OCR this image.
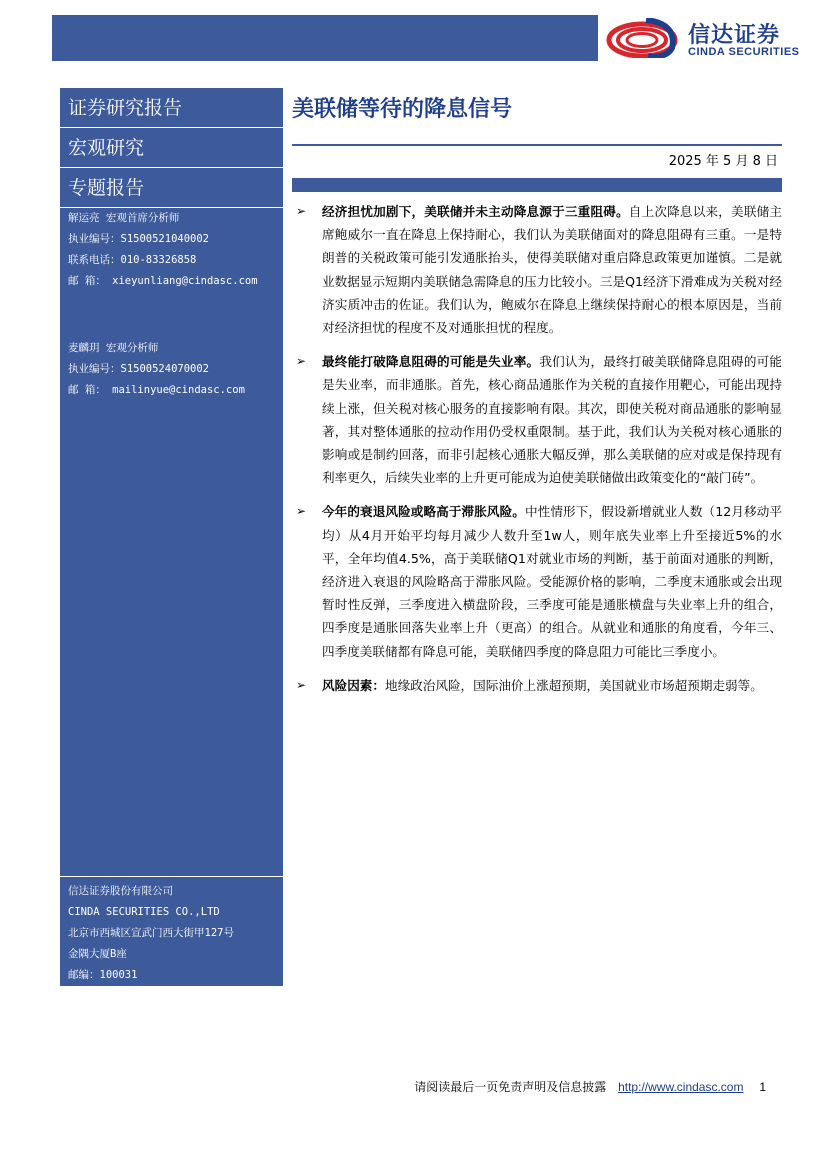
信达证券
CINDA SECURITIES
证券研究报告
宏观研究
专题报告

解运亮 宏观首席分析师

执业编号：S1500521040002

联系电话：010-83326858

邮 箱： xieyunliang@cindasc.com

麦麟玥 宏观分析师

执业编号：S1500524070002

邮 箱： mailinyue@cindasc.com

信达证券股份有限公司

CINDA SECURITIES CO.,LTD

北京市西城区宣武门西大街甲127号

金隅大厦B座

邮编：100031

美联储等待的降息信号
2025 年 5 月 8 日
➢ 经济担忧加剧下，美联储并未主动降息源于三重阻碍。自上次降息以来，美联储主席鲍威尔一直在降息上保持耐心，我们认为美联储面对的降息阻碍有三重。一是特朗普的关税政策可能引发通胀抬头，使得美联储对重启降息政策更加谨慎。二是就业数据显示短期内美联储急需降息的压力比较小。三是Q1经济下滑难成为关税对经济实质冲击的佐证。我们认为，鲍威尔在降息上继续保持耐心的根本原因是，当前对经济担忧的程度不及对通胀担忧的程度。
➢ 最终能打破降息阻碍的可能是失业率。我们认为，最终打破美联储降息阻碍的可能是失业率，而非通胀。首先，核心商品通胀作为关税的直接作用靶心，可能出现持续上涨，但关税对核心服务的直接影响有限。其次，即使关税对商品通胀的影响显著，其对整体通胀的拉动作用仍受权重限制。基于此，我们认为关税对核心通胀的影响或是制约回落，而非引起核心通胀大幅反弹，那么美联储的应对或是保持现有利率更久，后续失业率的上升更可能成为迫使美联储做出政策变化的“敲门砖”。
➢ 今年的衰退风险或略高于滞胀风险。中性情形下，假设新增就业人数（12月移动平均）从4月开始平均每月减少人数升至1w人，则年底失业率上升至接近5%的水平，全年均值4.5%，高于美联储Q1对就业市场的判断，基于前面对通胀的判断，经济进入衰退的风险略高于滞胀风险。受能源价格的影响，二季度末通胀或会出现暂时性反弹，三季度进入横盘阶段，三季度可能是通胀横盘与失业率上升的组合，四季度是通胀回落失业率上升（更高）的组合。从就业和通胀的角度看，今年三、四季度美联储都有降息可能，美联储四季度的降息阻力可能比三季度小。
➢ 风险因素：地缘政治风险，国际油价上涨超预期，美国就业市场超预期走弱等。
请阅读最后一页免责声明及信息披露 http://www.cindasc.com 1
